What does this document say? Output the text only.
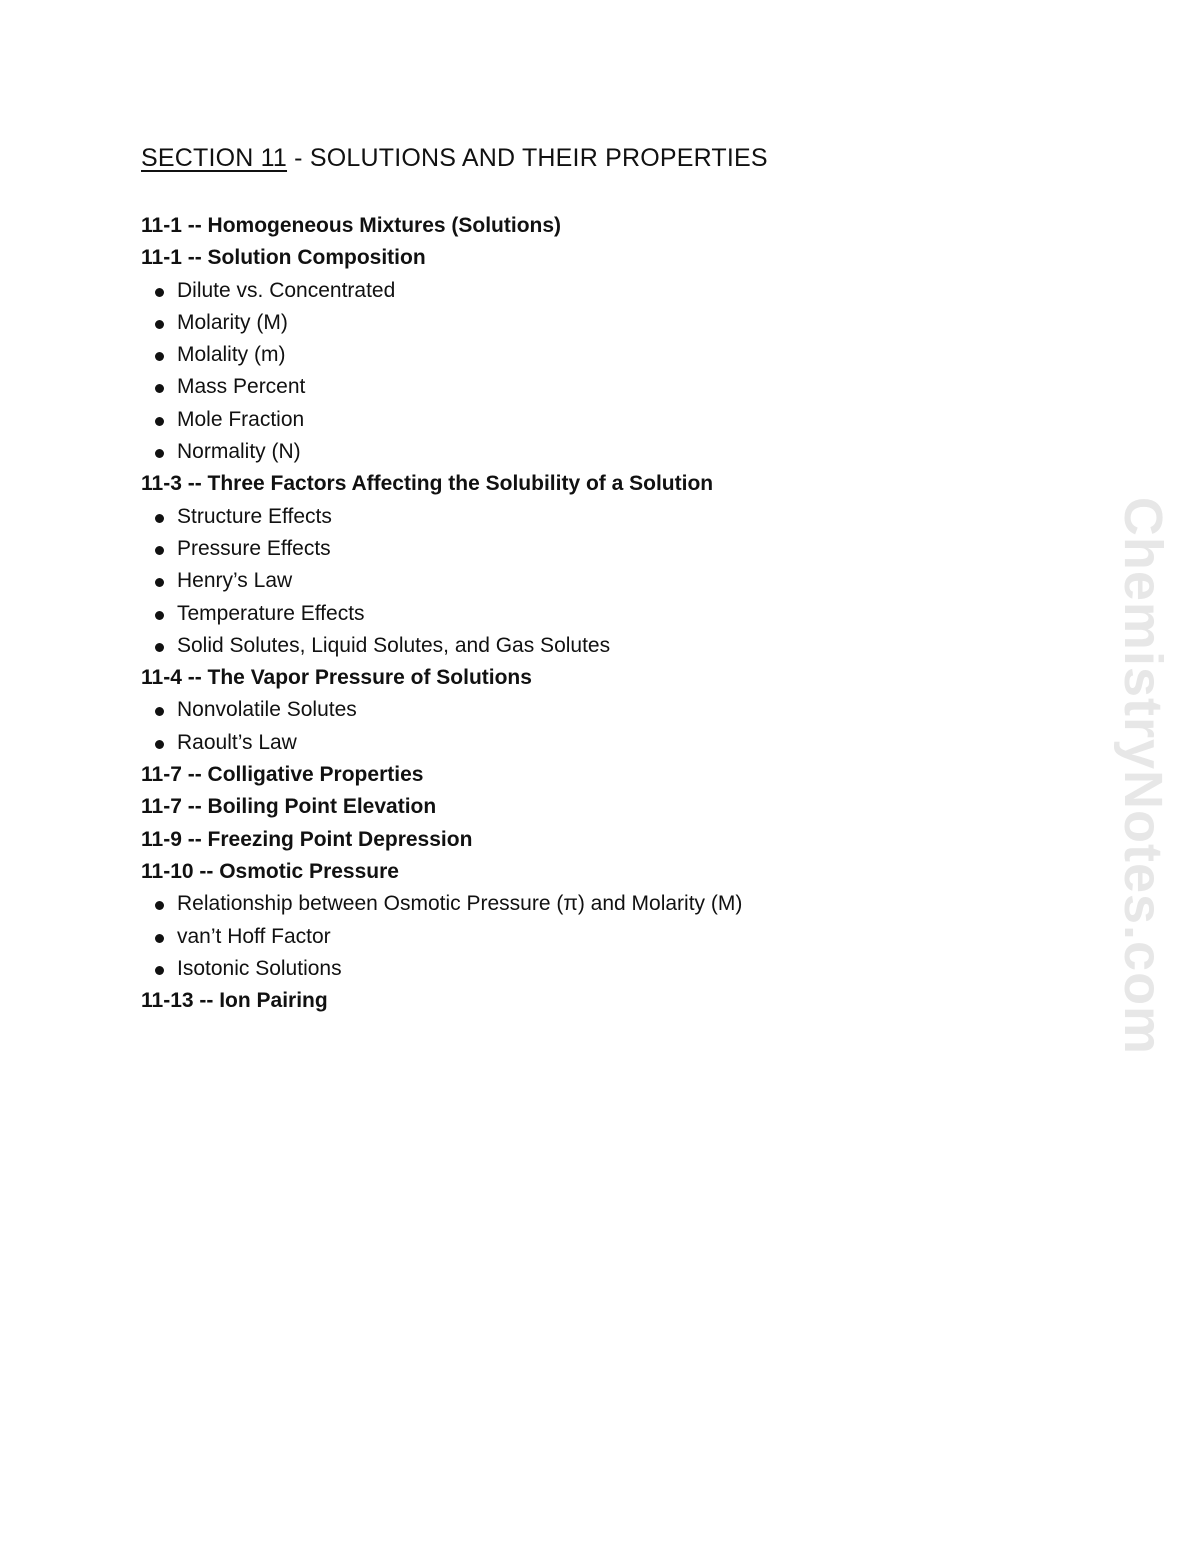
SECTION 11 - SOLUTIONS AND THEIR PROPERTIES
11-1 -- Homogeneous Mixtures (Solutions)
11-1 -- Solution Composition
Dilute vs. Concentrated
Molarity (M)
Molality (m)
Mass Percent
Mole Fraction
Normality (N)
11-3 -- Three Factors Affecting the Solubility of a Solution
Structure Effects
Pressure Effects
Henry’s Law
Temperature Effects
Solid Solutes, Liquid Solutes, and Gas Solutes
11-4 -- The Vapor Pressure of Solutions
Nonvolatile Solutes
Raoult’s Law
11-7 -- Colligative Properties
11-7 -- Boiling Point Elevation
11-9 -- Freezing Point Depression
11-10 -- Osmotic Pressure
Relationship between Osmotic Pressure (π) and Molarity (M)
van’t Hoff Factor
Isotonic Solutions
11-13 -- Ion Pairing	ChemistryNotes.com
